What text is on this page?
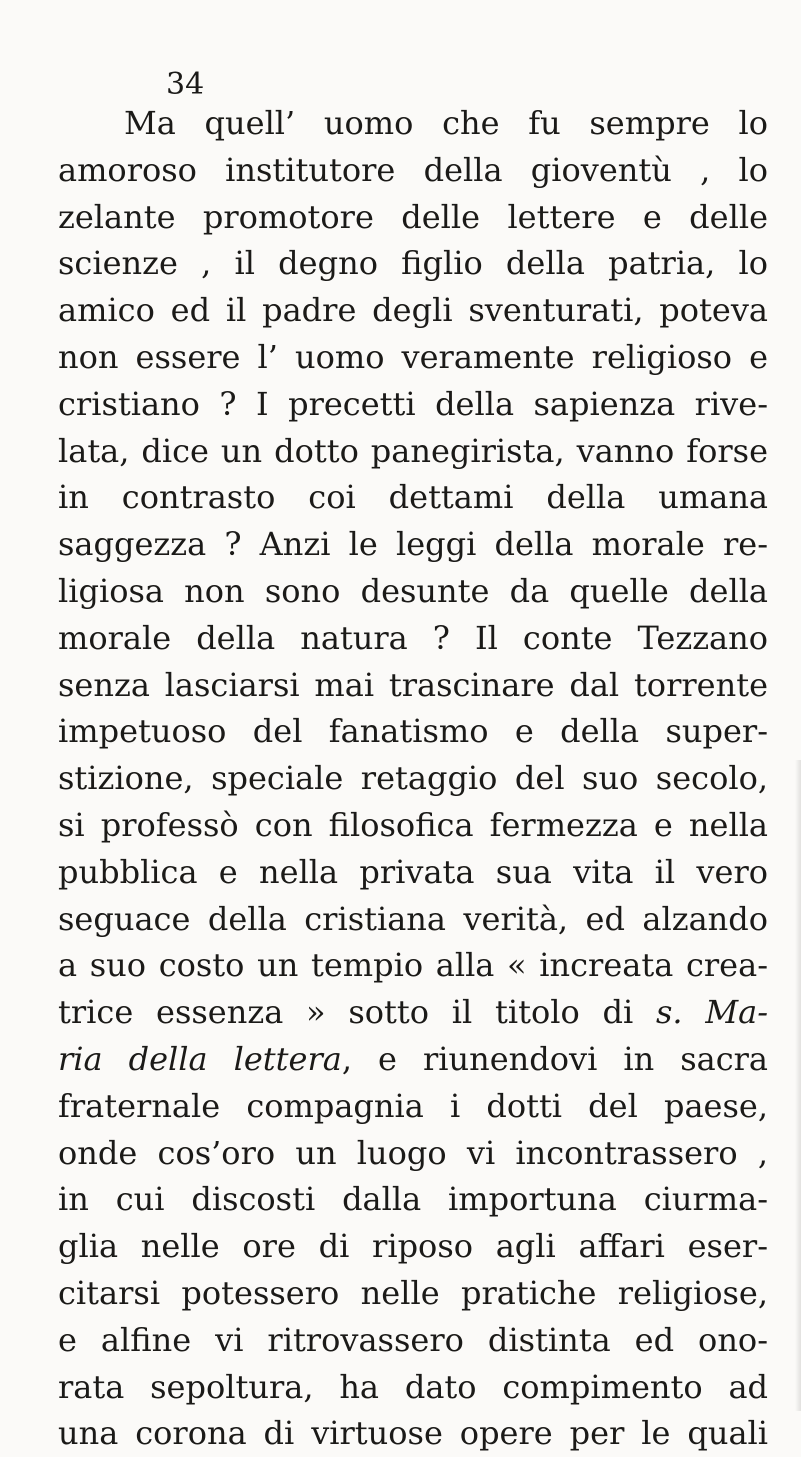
34
Ma quell’ uomo che fu sempre lo
amoroso institutore della gioventù , lo
zelante promotore delle lettere e delle
scienze , il degno figlio della patria, lo
amico ed il padre degli sventurati, poteva
non essere l’ uomo veramente religioso e
cristiano ? I precetti della sapienza rive-
lata, dice un dotto panegirista, vanno forse
in contrasto coi dettami della umana
saggezza ? Anzi le leggi della morale re-
ligiosa non sono desunte da quelle della
morale della natura ? Il conte Tezzano
senza lasciarsi mai trascinare dal torrente
impetuoso del fanatismo e della super-
stizione, speciale retaggio del suo secolo,
si professò con filosofica fermezza e nella
pubblica e nella privata sua vita il vero
seguace della cristiana verità, ed alzando
a suo costo un tempio alla « increata crea-
trice essenza » sotto il titolo di s. Ma-
ria della lettera, e riunendovi in sacra
fraternale compagnia i dotti del paese,
onde cos’oro un luogo vi incontrassero ,
in cui discosti dalla importuna ciurma-
glia nelle ore di riposo agli affari eser-
citarsi potessero nelle pratiche religiose,
e alfine vi ritrovassero distinta ed ono-
rata sepoltura, ha dato compimento ad
una corona di virtuose opere per le quali
